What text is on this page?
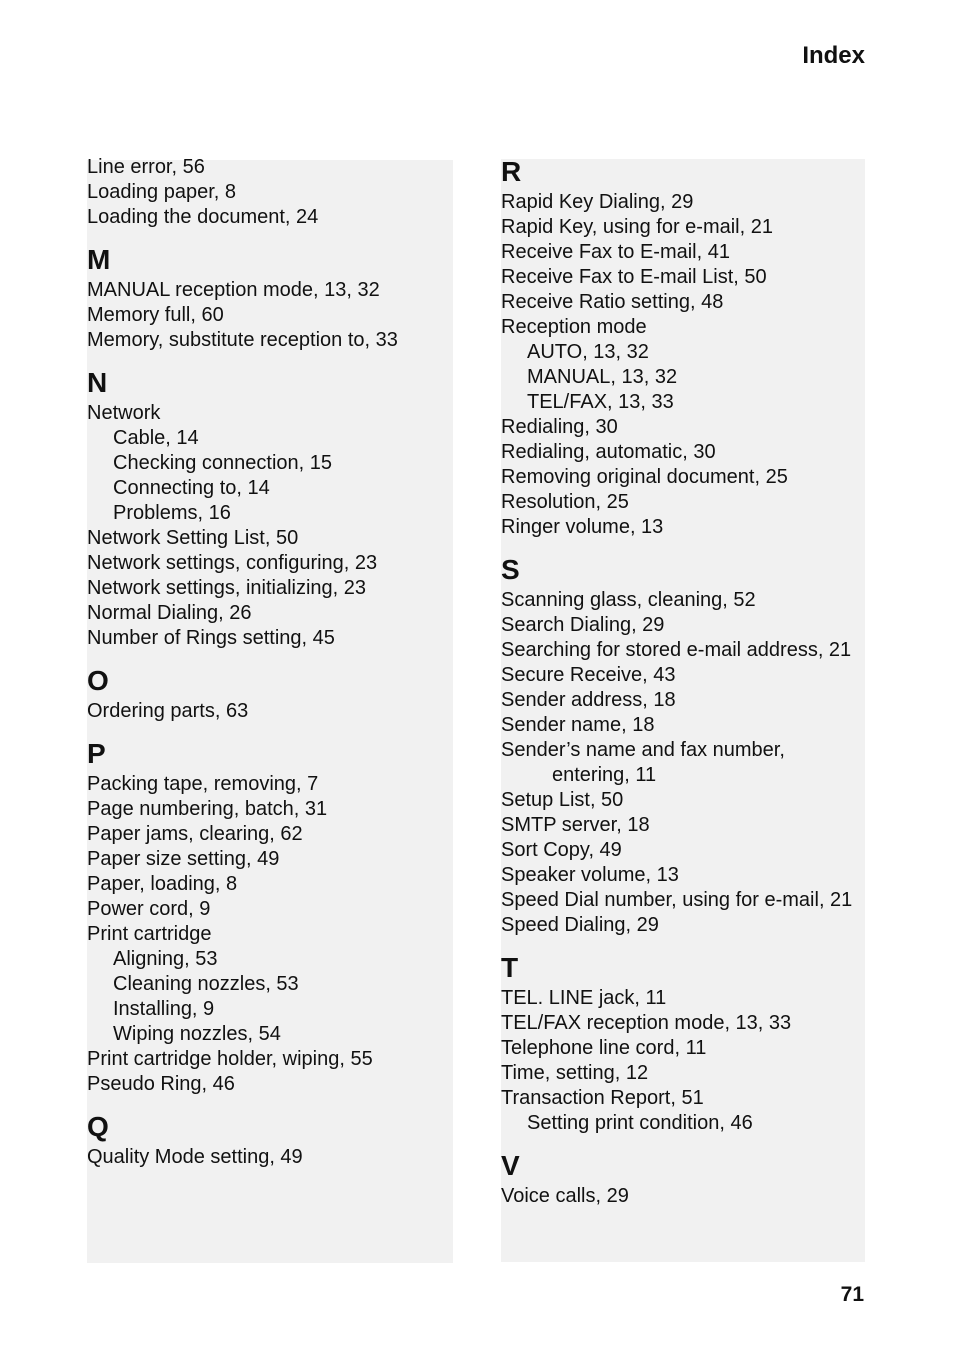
Index
Line error, 56
Loading paper, 8
Loading the document, 24
M
MANUAL reception mode, 13, 32
Memory full, 60
Memory, substitute reception to, 33
N
Network
Cable, 14
Checking connection, 15
Connecting to, 14
Problems, 16
Network Setting List, 50
Network settings, configuring, 23
Network settings, initializing, 23
Normal Dialing, 26
Number of Rings setting, 45
O
Ordering parts, 63
P
Packing tape, removing, 7
Page numbering, batch, 31
Paper jams, clearing, 62
Paper size setting, 49
Paper, loading, 8
Power cord, 9
Print cartridge
Aligning, 53
Cleaning nozzles, 53
Installing, 9
Wiping nozzles, 54
Print cartridge holder, wiping, 55
Pseudo Ring, 46
Q
Quality Mode setting, 49
R
Rapid Key Dialing, 29
Rapid Key, using for e-mail, 21
Receive Fax to E-mail, 41
Receive Fax to E-mail List, 50
Receive Ratio setting, 48
Reception mode
AUTO, 13, 32
MANUAL, 13, 32
TEL/FAX, 13, 33
Redialing, 30
Redialing, automatic, 30
Removing original document, 25
Resolution, 25
Ringer volume, 13
S
Scanning glass, cleaning, 52
Search Dialing, 29
Searching for stored e-mail address, 21
Secure Receive, 43
Sender address, 18
Sender name, 18
Sender’s name and fax number,
entering, 11
Setup List, 50
SMTP server, 18
Sort Copy, 49
Speaker volume, 13
Speed Dial number, using for e-mail, 21
Speed Dialing, 29
T
TEL. LINE jack, 11
TEL/FAX reception mode, 13, 33
Telephone line cord, 11
Time, setting, 12
Transaction Report, 51
Setting print condition, 46
V
Voice calls, 29
71
